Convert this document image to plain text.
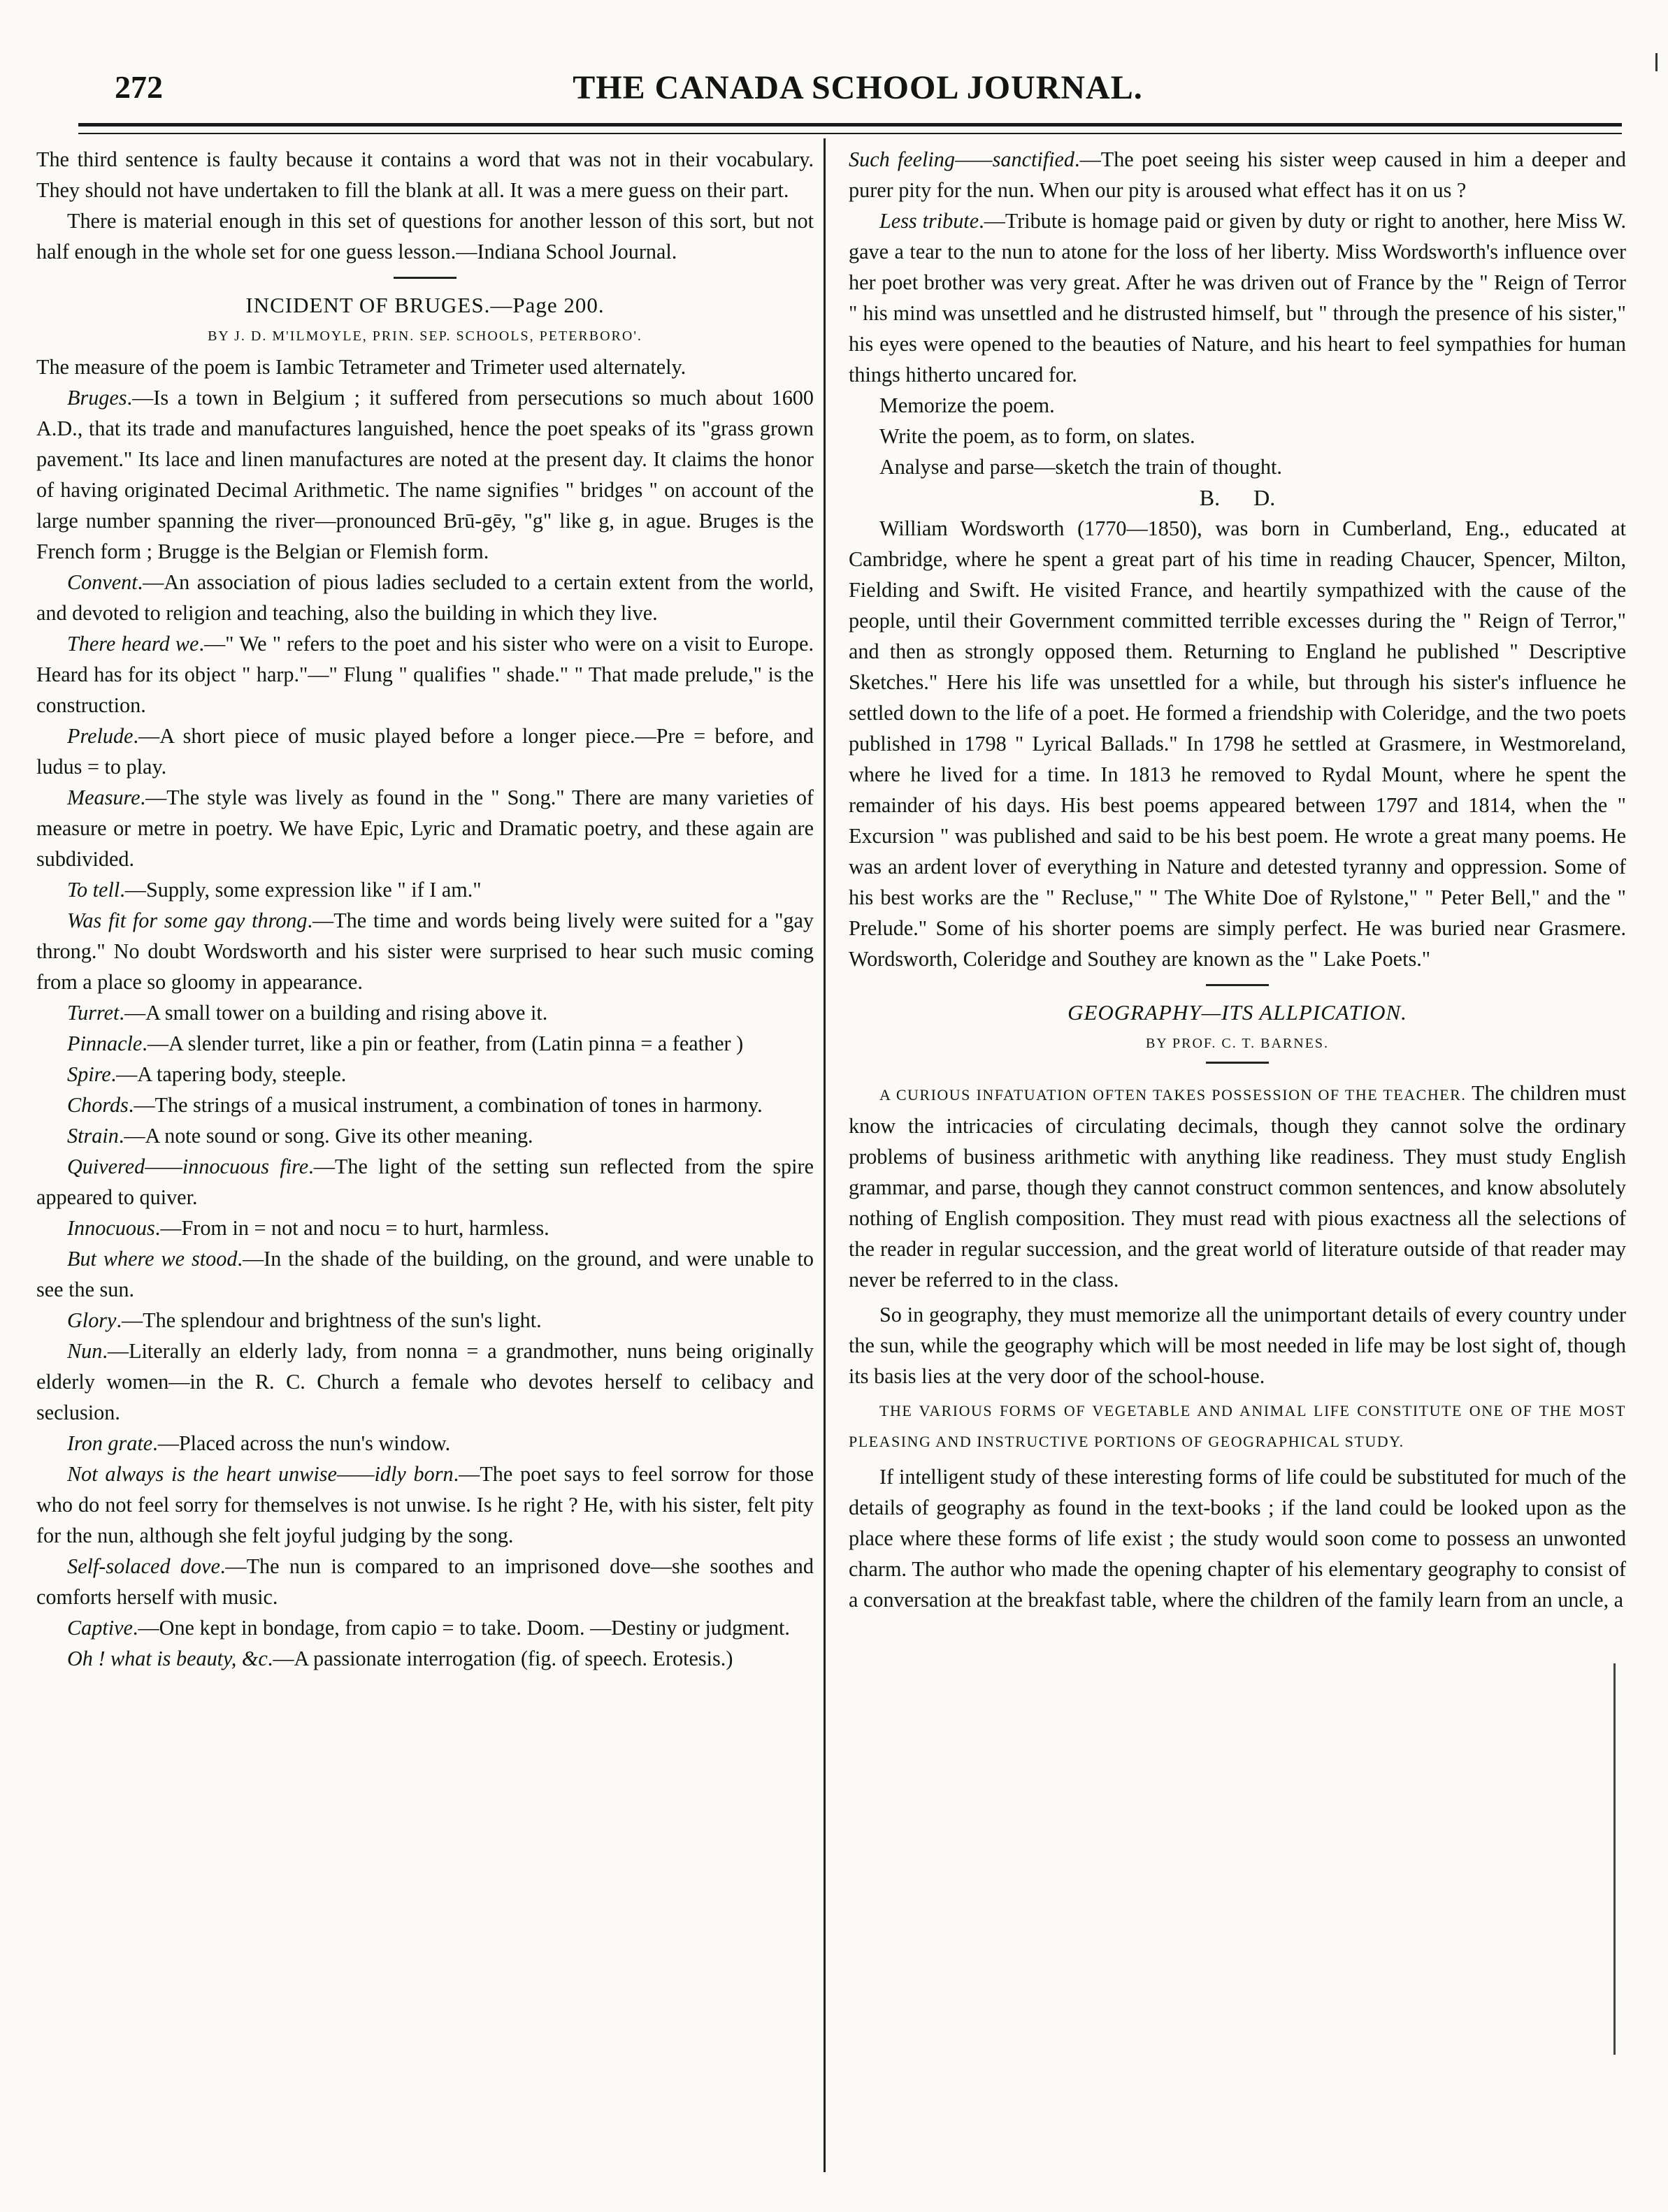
272	THE CANADA SCHOOL JOURNAL.

The third sentence is faulty because it contains a word that was not in their vocabulary. They should not have undertaken to fill the blank at all. It was a mere guess on their part.

There is material enough in this set of questions for another lesson of this sort, but not half enough in the whole set for one guess lesson.—Indiana School Journal.

INCIDENT OF BRUGES.—Page 200.

BY J. D. M'ILMOYLE, PRIN. SEP. SCHOOLS, PETERBORO'.

The measure of the poem is Iambic Tetrameter and Trimeter used alternately.

Bruges.—Is a town in Belgium ; it suffered from persecutions so much about 1600 A.D., that its trade and manufactures languished, hence the poet speaks of its "grass grown pavement." Its lace and linen manufactures are noted at the present day. It claims the honor of having originated Decimal Arithmetic. The name signifies " bridges " on account of the large number spanning the river—pronounced Brū-gēy, "g" like g, in ague. Bruges is the French form ; Brugge is the Belgian or Flemish form.

Convent.—An association of pious ladies secluded to a certain extent from the world, and devoted to religion and teaching, also the building in which they live.

There heard we.—" We " refers to the poet and his sister who were on a visit to Europe. Heard has for its object " harp."—" Flung " qualifies " shade." " That made prelude," is the construction.

Prelude.—A short piece of music played before a longer piece.—Pre = before, and ludus = to play.

Measure.—The style was lively as found in the " Song." There are many varieties of measure or metre in poetry. We have Epic, Lyric and Dramatic poetry, and these again are subdivided.

To tell.—Supply, some expression like " if I am."

Was fit for some gay throng.—The time and words being lively were suited for a "gay throng." No doubt Wordsworth and his sister were surprised to hear such music coming from a place so gloomy in appearance.

Turret.—A small tower on a building and rising above it.

Pinnacle.—A slender turret, like a pin or feather, from (Latin pinna = a feather )

Spire.—A tapering body, steeple.

Chords.—The strings of a musical instrument, a combination of tones in harmony.

Strain.—A note sound or song. Give its other meaning.

Quivered——innocuous fire.—The light of the setting sun reflected from the spire appeared to quiver.

Innocuous.—From in = not and nocu = to hurt, harmless.

But where we stood.—In the shade of the building, on the ground, and were unable to see the sun.

Glory.—The splendour and brightness of the sun's light.

Nun.—Literally an elderly lady, from nonna = a grandmother, nuns being originally elderly women—in the R. C. Church a female who devotes herself to celibacy and seclusion.

Iron grate.—Placed across the nun's window.

Not always is the heart unwise——idly born.—The poet says to feel sorrow for those who do not feel sorry for themselves is not unwise. Is he right ? He, with his sister, felt pity for the nun, although she felt joyful judging by the song.

Self-solaced dove.—The nun is compared to an imprisoned dove—she soothes and comforts herself with music.

Captive.—One kept in bondage, from capio = to take. Doom. —Destiny or judgment.

Oh ! what is beauty, &c.—A passionate interrogation (fig. of speech. Erotesis.)

Such feeling——sanctified.—The poet seeing his sister weep caused in him a deeper and purer pity for the nun. When our pity is aroused what effect has it on us ?

Less tribute.—Tribute is homage paid or given by duty or right to another, here Miss W. gave a tear to the nun to atone for the loss of her liberty. Miss Wordsworth's influence over her poet brother was very great. After he was driven out of France by the " Reign of Terror " his mind was unsettled and he distrusted himself, but " through the presence of his sister," his eyes were opened to the beauties of Nature, and his heart to feel sympathies for human things hitherto uncared for.

Memorize the poem.

Write the poem, as to form, on slates.

Analyse and parse—sketch the train of thought.

B. D.

William Wordsworth (1770—1850), was born in Cumberland, Eng., educated at Cambridge, where he spent a great part of his time in reading Chaucer, Spencer, Milton, Fielding and Swift. He visited France, and heartily sympathized with the cause of the people, until their Government committed terrible excesses during the " Reign of Terror," and then as strongly opposed them. Returning to England he published " Descriptive Sketches." Here his life was unsettled for a while, but through his sister's influence he settled down to the life of a poet. He formed a friendship with Coleridge, and the two poets published in 1798 " Lyrical Ballads." In 1798 he settled at Grasmere, in Westmoreland, where he lived for a time. In 1813 he removed to Rydal Mount, where he spent the remainder of his days. His best poems appeared between 1797 and 1814, when the " Excursion " was published and said to be his best poem. He wrote a great many poems. He was an ardent lover of everything in Nature and detested tyranny and oppression. Some of his best works are the " Recluse," " The White Doe of Rylstone," " Peter Bell," and the " Prelude." Some of his shorter poems are simply perfect. He was buried near Grasmere. Wordsworth, Coleridge and Southey are known as the " Lake Poets."

GEOGRAPHY—ITS ALLPICATION.

BY PROF. C. T. BARNES.

A CURIOUS INFATUATION OFTEN TAKES POSSESSION OF THE TEACHER. The children must know the intricacies of circulating decimals, though they cannot solve the ordinary problems of business arithmetic with anything like readiness. They must study English grammar, and parse, though they cannot construct common sentences, and know absolutely nothing of English composition. They must read with pious exactness all the selections of the reader in regular succession, and the great world of literature outside of that reader may never be referred to in the class.

So in geography, they must memorize all the unimportant details of every country under the sun, while the geography which will be most needed in life may be lost sight of, though its basis lies at the very door of the school-house.

THE VARIOUS FORMS OF VEGETABLE AND ANIMAL LIFE CONSTITUTE ONE OF THE MOST PLEASING AND INSTRUCTIVE PORTIONS OF GEOGRAPHICAL STUDY.

If intelligent study of these interesting forms of life could be substituted for much of the details of geography as found in the text-books ; if the land could be looked upon as the place where these forms of life exist ; the study would soon come to possess an unwonted charm. The author who made the opening chapter of his elementary geography to consist of a conversation at the breakfast table, where the children of the family learn from an uncle, a
